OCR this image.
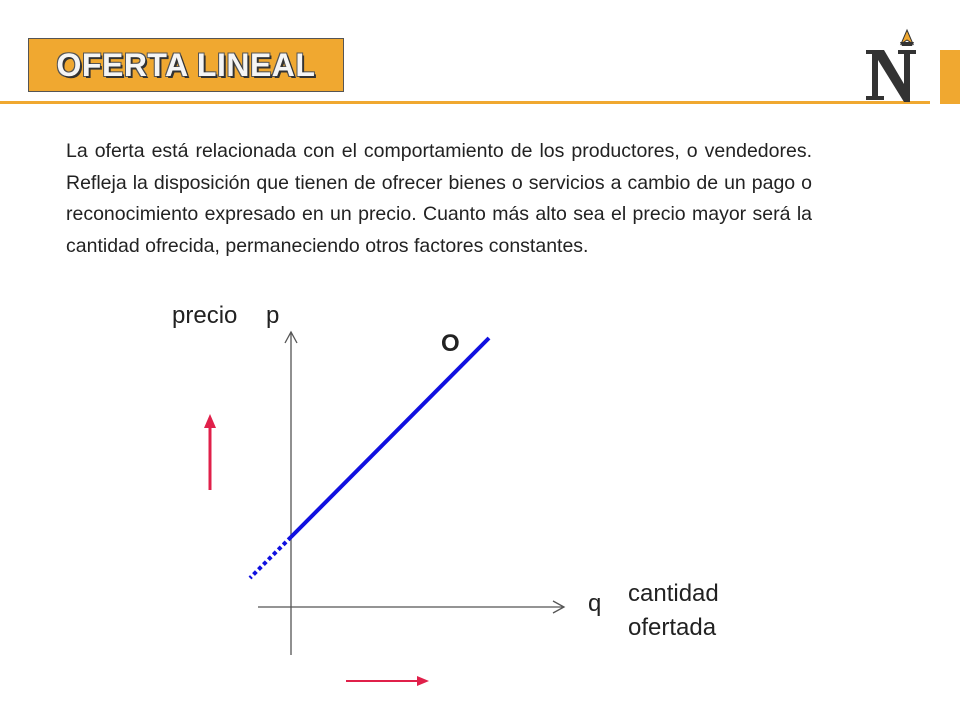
OFERTA LINEAL
La oferta está relacionada con el comportamiento de los productores, o vendedores. Refleja la disposición que tienen de ofrecer bienes o servicios a cambio de un pago o reconocimiento expresado en un precio. Cuanto más alto sea el precio mayor será la cantidad ofrecida, permaneciendo otros factores constantes.
precio p
O
q cantidad
ofertada
